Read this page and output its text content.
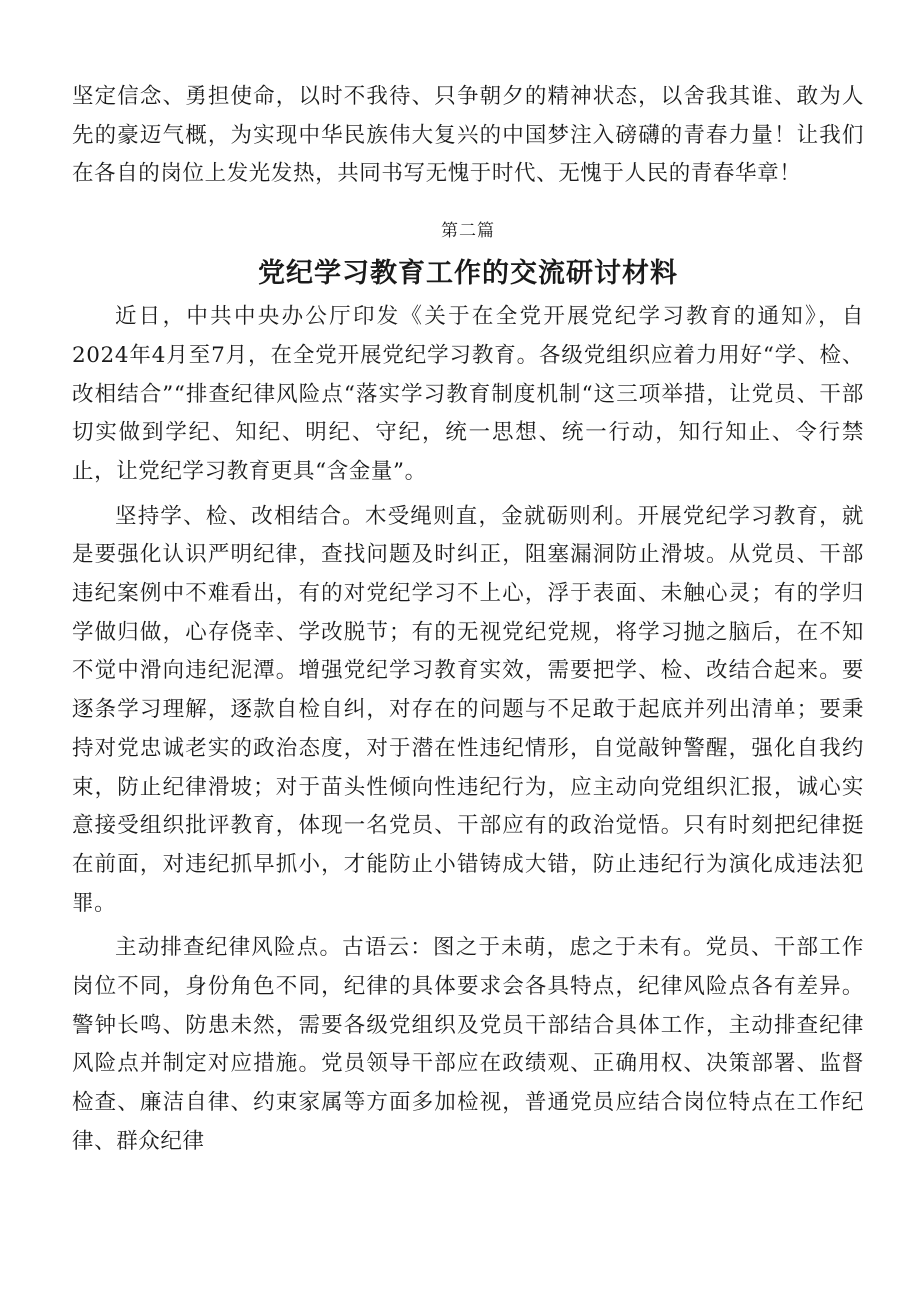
坚定信念、勇担使命，以时不我待、只争朝夕的精神状态，以舍我其谁、敢为人先的豪迈气概，为实现中华民族伟大复兴的中国梦注入磅礴的青春力量！让我们在各自的岗位上发光发热，共同书写无愧于时代、无愧于人民的青春华章！

第二篇
党纪学习教育工作的交流研讨材料

近日，中共中央办公厅印发《关于在全党开展党纪学习教育的通知》，自2024年4月至7月，在全党开展党纪学习教育。各级党组织应着力用好“学、检、改相结合”“排查纪律风险点“落实学习教育制度机制“这三项举措，让党员、干部切实做到学纪、知纪、明纪、守纪，统一思想、统一行动，知行知止、令行禁止，让党纪学习教育更具“含金量”。

坚持学、检、改相结合。木受绳则直，金就砺则利。开展党纪学习教育，就是要强化认识严明纪律，查找问题及时纠正，阻塞漏洞防止滑坡。从党员、干部违纪案例中不难看出，有的对党纪学习不上心，浮于表面、未触心灵；有的学归学做归做，心存侥幸、学改脱节；有的无视党纪党规，将学习抛之脑后，在不知不觉中滑向违纪泥潭。增强党纪学习教育实效，需要把学、检、改结合起来。要逐条学习理解，逐款自检自纠，对存在的问题与不足敢于起底并列出清单；要秉持对党忠诚老实的政治态度，对于潜在性违纪情形，自觉敲钟警醒，强化自我约束，防止纪律滑坡；对于苗头性倾向性违纪行为，应主动向党组织汇报，诚心实意接受组织批评教育，体现一名党员、干部应有的政治觉悟。只有时刻把纪律挺在前面，对违纪抓早抓小，才能防止小错铸成大错，防止违纪行为演化成违法犯罪。

主动排查纪律风险点。古语云：图之于未萌，虑之于未有。党员、干部工作岗位不同，身份角色不同，纪律的具体要求会各具特点，纪律风险点各有差异。警钟长鸣、防患未然，需要各级党组织及党员干部结合具体工作，主动排查纪律风险点并制定对应措施。党员领导干部应在政绩观、正确用权、决策部署、监督检查、廉洁自律、约束家属等方面多加检视，普通党员应结合岗位特点在工作纪律、群众纪律
